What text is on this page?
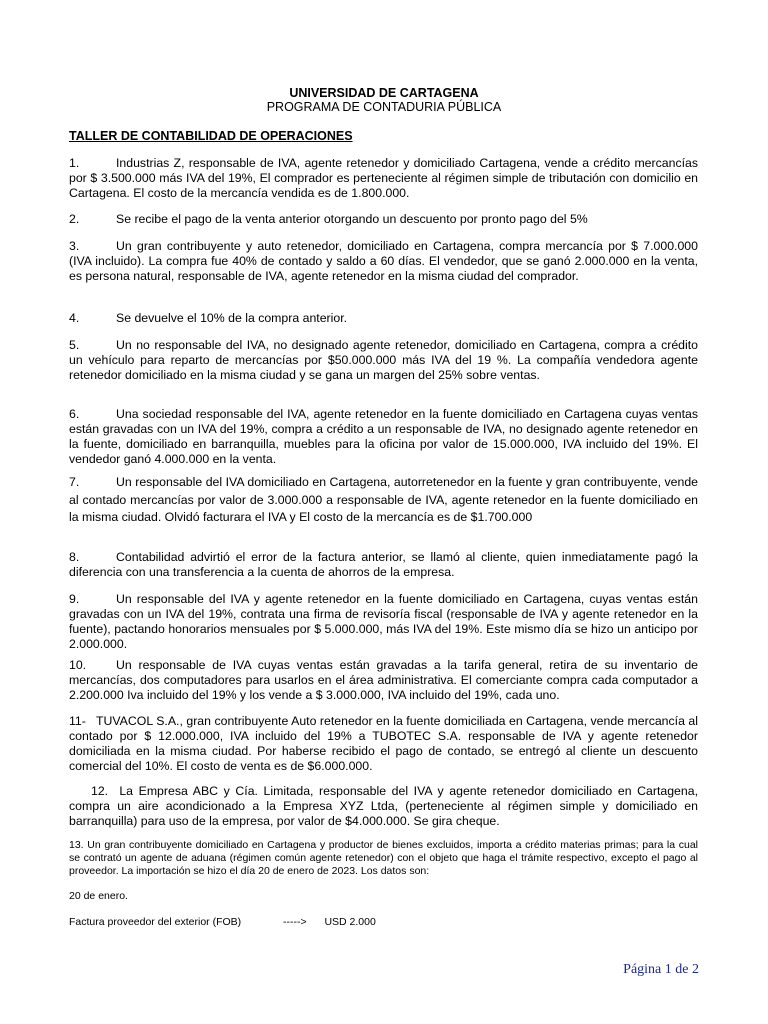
UNIVERSIDAD DE CARTAGENA
PROGRAMA DE CONTADURIA PÚBLICA
TALLER DE CONTABILIDAD DE OPERACIONES
1.	Industrias Z, responsable de IVA, agente retenedor y domiciliado Cartagena, vende a crédito mercancías por $ 3.500.000 más IVA del 19%, El comprador es perteneciente al régimen simple de tributación con domicilio en Cartagena. El costo de la mercancía vendida es de 1.800.000.
2.	Se recibe el pago de la venta anterior otorgando un descuento por pronto pago del 5%
3.	Un gran contribuyente y auto retenedor, domiciliado en Cartagena, compra mercancía por $ 7.000.000 (IVA incluido). La compra fue 40% de contado y saldo a 60 días. El vendedor, que se ganó 2.000.000 en la venta, es persona natural, responsable de IVA, agente retenedor en la misma ciudad del comprador.
4.	Se devuelve el 10% de la compra anterior.
5.	Un no responsable del IVA, no designado agente retenedor, domiciliado en Cartagena, compra a crédito un vehículo para reparto de mercancías por $50.000.000 más IVA del 19 %. La compañía vendedora agente retenedor domiciliado en la misma ciudad y se gana un margen del 25% sobre ventas.
6.	Una sociedad responsable del IVA, agente retenedor en la fuente domiciliado en Cartagena cuyas ventas están gravadas con un IVA del 19%, compra a crédito a un responsable de IVA, no designado agente retenedor en la fuente, domiciliado en barranquilla, muebles para la oficina por valor de 15.000.000, IVA incluido del 19%. El vendedor ganó 4.000.000 en la venta.
7.	Un responsable del IVA domiciliado en Cartagena, autorretenedor en la fuente y gran contribuyente, vende al contado mercancías por valor de 3.000.000 a responsable de IVA, agente retenedor en la fuente domiciliado en la misma ciudad. Olvidó facturara el IVA y El costo de la mercancía es de $1.700.000
8.	Contabilidad advirtió el error de la factura anterior, se llamó al cliente, quien inmediatamente pagó la diferencia con una transferencia a la cuenta de ahorros de la empresa.
9.	Un responsable del IVA y agente retenedor en la fuente domiciliado en Cartagena, cuyas ventas están gravadas con un IVA del 19%, contrata una firma de revisoría fiscal (responsable de IVA y agente retenedor en la fuente), pactando honorarios mensuales por $ 5.000.000, más IVA del 19%. Este mismo día se hizo un anticipo por 2.000.000.
10.	Un responsable de IVA cuyas ventas están gravadas a la tarifa general, retira de su inventario de mercancías, dos computadores para usarlos en el área administrativa. El comerciante compra cada computador a 2.200.000 Iva incluido del 19% y los vende a $ 3.000.000, IVA incluido del 19%, cada uno.
11- TUVACOL S.A., gran contribuyente Auto retenedor en la fuente domiciliada en Cartagena, vende mercancía al contado por $ 12.000.000, IVA incluido del 19% a TUBOTEC S.A. responsable de IVA y agente retenedor domiciliada en la misma ciudad. Por haberse recibido el pago de contado, se entregó al cliente un descuento comercial del 10%. El costo de venta es de $6.000.000.
12. La Empresa ABC y Cía. Limitada, responsable del IVA y agente retenedor domiciliado en Cartagena, compra un aire acondicionado a la Empresa XYZ Ltda, (perteneciente al régimen simple y domiciliado en barranquilla) para uso de la empresa, por valor de $4.000.000. Se gira cheque.
13. Un gran contribuyente domiciliado en Cartagena y productor de bienes excluidos, importa a crédito materias primas; para la cual se contrató un agente de aduana (régimen común agente retenedor) con el objeto que haga el trámite respectivo, excepto el pago al proveedor. La importación se hizo el día 20 de enero de 2023. Los datos son:
20 de enero.
Factura proveedor del exterior (FOB)	-----> USD 2.000
Página 1 de 2
